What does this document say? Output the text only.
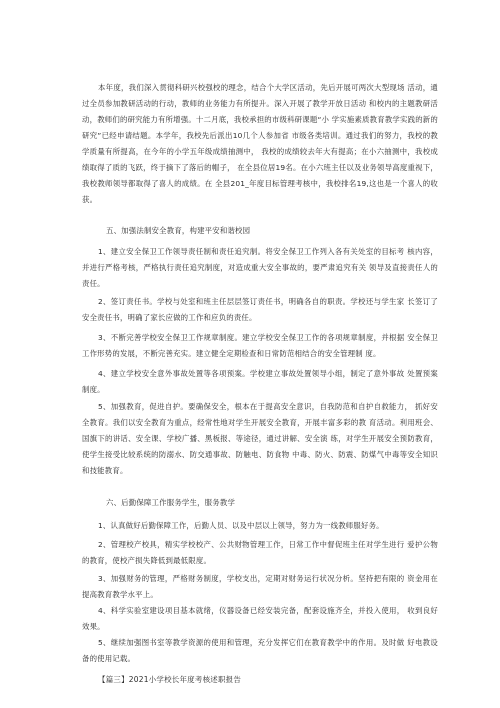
本年度，我们深入贯彻科研兴校强校的理念，结合个大学区活动，先后开展可两次大型现场 活动，通过全员参加教研活动的行动，教师的业务能力有所提升。深入开展了教学开放日活动 和校内的主题教研活动，教师们的研究能力有所增强。十二月底，我校承担的市级科研课题“小 学实施素质教育教学实践的新的研究”已经申请结题。本学年，我校先后派出10几个人参加省 市级各类培训。通过我们的努力，我校的教学质量有所提高，在今年的小学五年级成绩抽测中， 我校的成绩较去年大有提高；在小六抽测中，我校成绩取得了质的飞跃，终于摘下了落后的帽子， 在全县位居19名。在小六班主任以及业务领导高度重视下，我校教师领导都取得了喜人的成绩。在 全县201_年度目标管理考核中，我校排名19,这也是一个喜人的收获。
五、加强法制安全教育，构建平安和谐校园
1、建立安全保卫工作领导责任制和责任追究制。将安全保卫工作列入各有关处室的目标考 核内容，并进行严格考核，严格执行责任追究制度，对造成重大安全事故的，要严肃追究有关 领导及直接责任人的责任。
2、签订责任书。学校与处室和班主任层层签订责任书，明确各自的职责。学校还与学生家 长签订了安全责任书，明确了家长应做的工作和应负的责任。
3、不断完善学校安全保卫工作规章制度。建立学校安全保卫工作的各项规章制度，并根据 安全保卫工作形势的发展，不断完善充实。建立健全定期检查和日常防范相结合的安全管理制 度。
4、建立学校安全意外事故处置等各项预案。学校建立事故处置领导小组，制定了意外事故 处置预案制度。
5、加强教育，促进自护。要确保安全，根本在于提高安全意识，自我防范和自护自救能力， 抓好安全教育。我们以安全教育为重点，经常性地对学生开展安全教育，开展丰富多彩的教 育活动。利用班会、国旗下的讲话、安全课、学校广播、黑板报、等途径，通过讲解、安全演 练，对学生开展安全预防教育，使学生接受比较系统的防溺水、防交通事故、防触电、防食物 中毒、防火、防震、防煤气中毒等安全知识和技能教育。
六、后勤保障工作服务学生，服务教学
1、认真做好后勤保障工作，后勤人员、以及中层以上领导，努力为一线教师服好务。
2、管理校产校具，精实学校校产、公共财物管理工作，日常工作中督促班主任对学生进行 爱护公物的教育，使校产损失降低到最低限度。
3、加强财务的管理，严格财务制度，学校支出，定期对财务运行状况分析。坚持把有限的 资金用在提高教育教学水平上。
4、科学实验室建设项目基本就绪，仪器设备已经安装完备，配套设施齐全，并投入使用， 收到良好效果。
5、继续加强图书室等教学资源的使用和管理，充分发挥它们在教育教学中的作用。及时做 好电教设备的使用记载。
【篇三】2021小学校长年度考核述职报告
